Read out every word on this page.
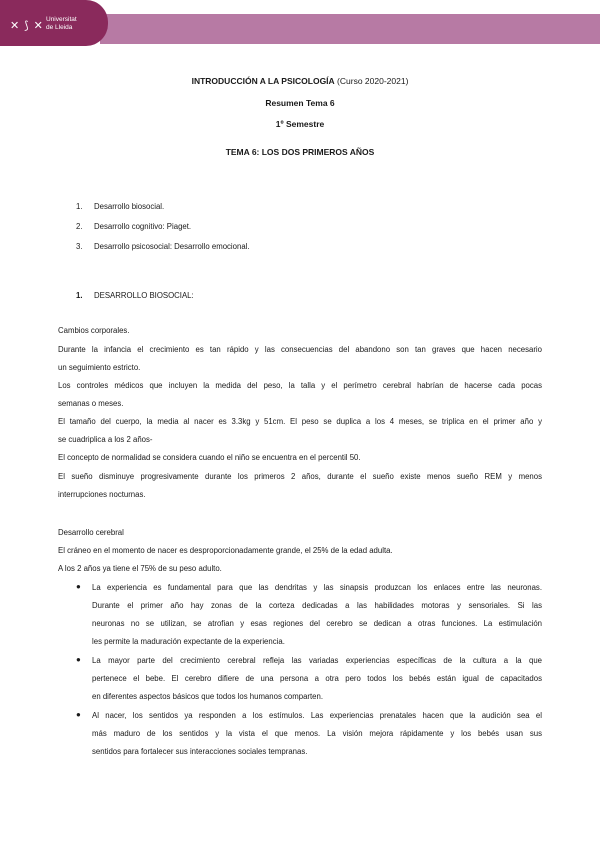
✕ ⟆ ✕
Universitat
de Lleida
INTRODUCCIÓN A LA PSICOLOGÍA (Curso 2020-2021)
Resumen Tema 6
1º Semestre
TEMA 6: LOS DOS PRIMEROS AÑOS
1. Desarrollo biosocial.
2. Desarrollo cognitivo: Piaget.
3. Desarrollo psicosocial: Desarrollo emocional.
1. DESARROLLO BIOSOCIAL:
Cambios corporales.
Durante la infancia el crecimiento es tan rápido y las consecuencias del abandono son tan graves que hacen necesario
un seguimiento estricto.
Los controles médicos que incluyen la medida del peso, la talla y el perímetro cerebral habrían de hacerse cada pocas
semanas o meses.
El tamaño del cuerpo, la media al nacer es 3.3kg y 51cm. El peso se duplica a los 4 meses, se triplica en el primer año y
se cuadriplica a los 2 años-
El concepto de normalidad se considera cuando el niño se encuentra en el percentil 50.
El sueño disminuye progresivamente durante los primeros 2 años, durante el sueño existe menos sueño REM y menos
interrupciones nocturnas.
Desarrollo cerebral
El cráneo en el momento de nacer es desproporcionadamente grande, el 25% de la edad adulta.
A los 2 años ya tiene el 75% de su peso adulto.
● La experiencia es fundamental para que las dendritas y las sinapsis produzcan los enlaces entre las neuronas.
Durante el primer año hay zonas de la corteza dedicadas a las habilidades motoras y sensoriales. Si las
neuronas no se utilizan, se atrofian y esas regiones del cerebro se dedican a otras funciones. La estimulación
les permite la maduración expectante de la experiencia.
● La mayor parte del crecimiento cerebral refleja las variadas experiencias específicas de la cultura a la que
pertenece el bebe. El cerebro difiere de una persona a otra pero todos los bebés están igual de capacitados
en diferentes aspectos básicos que todos los humanos comparten.
● Al nacer, los sentidos ya responden a los estímulos. Las experiencias prenatales hacen que la audición sea el
más maduro de los sentidos y la vista el que menos. La visión mejora rápidamente y los bebés usan sus
sentidos para fortalecer sus interacciones sociales tempranas.
